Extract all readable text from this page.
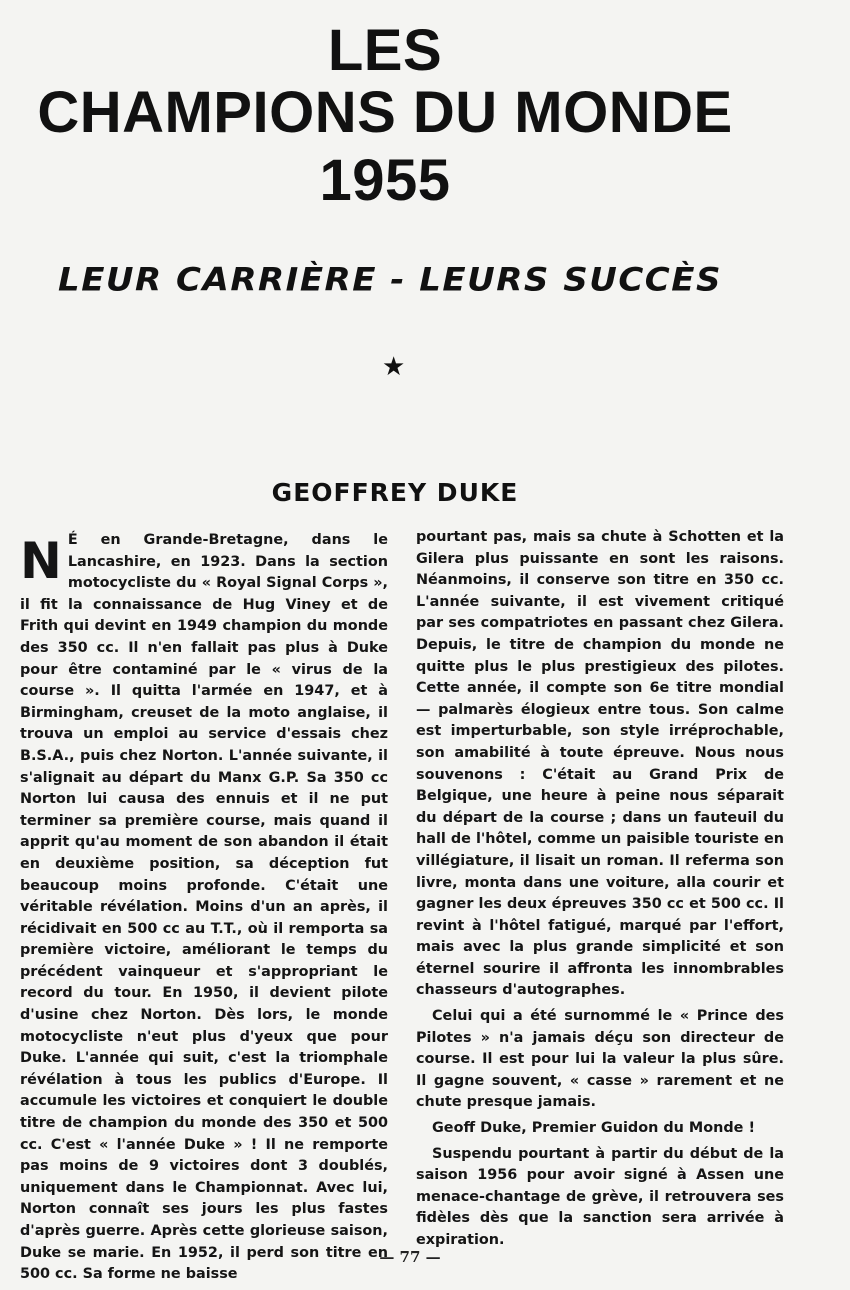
LES
CHAMPIONS DU MONDE
1955
LEUR CARRIÈRE - LEURS SUCCÈS
★
GEOFFREY DUKE

N É en Grande-Bretagne, dans le Lancashire, en 1923. Dans la section motocycliste du « Royal Signal Corps », il fit la connaissance de Hug Viney et de Frith qui devint en 1949 champion du monde des 350 cc. Il n'en fallait pas plus à Duke pour être contaminé par le « virus de la course ». Il quitta l'armée en 1947, et à Birmingham, creuset de la moto anglaise, il trouva un emploi au service d'essais chez B.S.A., puis chez Norton. L'année suivante, il s'alignait au départ du Manx G.P. Sa 350 cc Norton lui causa des ennuis et il ne put terminer sa première course, mais quand il apprit qu'au moment de son abandon il était en deuxième position, sa déception fut beaucoup moins profonde. C'était une véritable révélation. Moins d'un an après, il récidivait en 500 cc au T.T., où il remporta sa première victoire, améliorant le temps du précédent vainqueur et s'appropriant le record du tour. En 1950, il devient pilote d'usine chez Norton. Dès lors, le monde motocycliste n'eut plus d'yeux que pour Duke. L'année qui suit, c'est la triomphale révélation à tous les publics d'Europe. Il accumule les victoires et conquiert le double titre de champion du monde des 350 et 500 cc. C'est « l'année Duke » ! Il ne remporte pas moins de 9 victoires dont 3 doublés, uniquement dans le Championnat. Avec lui, Norton connaît ses jours les plus fastes d'après guerre. Après cette glorieuse saison, Duke se marie. En 1952, il perd son titre en 500 cc. Sa forme ne baisse

pourtant pas, mais sa chute à Schotten et la Gilera plus puissante en sont les raisons. Néanmoins, il conserve son titre en 350 cc. L'année suivante, il est vivement critiqué par ses compatriotes en passant chez Gilera. Depuis, le titre de champion du monde ne quitte plus le plus prestigieux des pilotes. Cette année, il compte son 6e titre mondial — palmarès élogieux entre tous. Son calme est imperturbable, son style irréprochable, son amabilité à toute épreuve. Nous nous souvenons : C'était au Grand Prix de Belgique, une heure à peine nous séparait du départ de la course ; dans un fauteuil du hall de l'hôtel, comme un paisible touriste en villégiature, il lisait un roman. Il referma son livre, monta dans une voiture, alla courir et gagner les deux épreuves 350 cc et 500 cc. Il revint à l'hôtel fatigué, marqué par l'effort, mais avec la plus grande simplicité et son éternel sourire il affronta les innombrables chasseurs d'autographes.

Celui qui a été surnommé le « Prince des Pilotes » n'a jamais déçu son directeur de course. Il est pour lui la valeur la plus sûre. Il gagne souvent, « casse » rarement et ne chute presque jamais.

Geoff Duke, Premier Guidon du Monde !

Suspendu pourtant à partir du début de la saison 1956 pour avoir signé à Assen une menace-chantage de grève, il retrouvera ses fidèles dès que la sanction sera arrivée à expiration.

— 77 —
